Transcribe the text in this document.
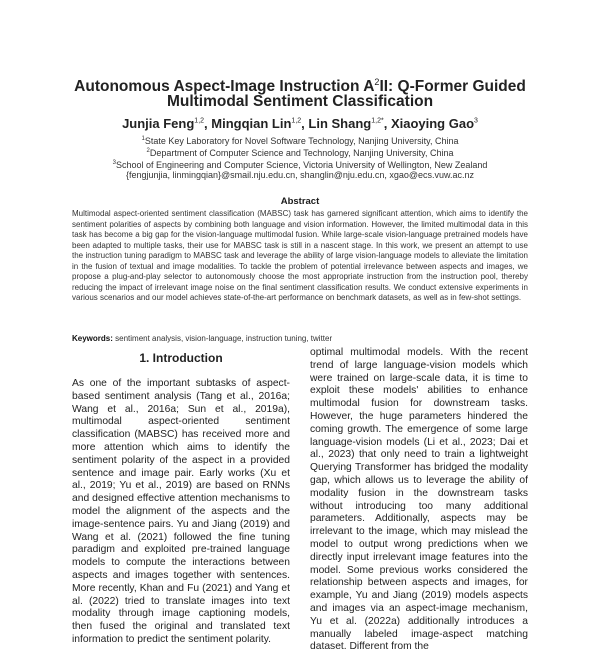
Autonomous Aspect-Image Instruction $A^2II$: Q-Former Guided
Multimodal Sentiment Classification
Junjia Feng$^{1,2}$, Mingqian Lin$^{1,2}$, Lin Shang$^{1,2*}$, Xiaoying Gao$^3$
$^1$State Key Laboratory for Novel Software Technology, Nanjing University, China
$^2$Department of Computer Science and Technology, Nanjing University, China
$^3$School of Engineering and Computer Science, Victoria University of Wellington, New Zealand
{fengjunjia, linmingqian}@smail.nju.edu.cn, shanglin@nju.edu.cn, xgao@ecs.vuw.ac.nz
Abstract
Multimodal aspect-oriented sentiment classification (MABSC) task has garnered significant attention, which aims to identify the sentiment polarities of aspects by combining both language and vision information. However, the limited multimodal data in this task has become a big gap for the vision-language multimodal fusion. While large-scale vision-language pretrained models have been adapted to multiple tasks, their use for MABSC task is still in a nascent stage. In this work, we present an attempt to use the instruction tuning paradigm to MABSC task and leverage the ability of large vision-language models to alleviate the limitation in the fusion of textual and image modalities. To tackle the problem of potential irrelevance between aspects and images, we propose a plug-and-play selector to autonomously choose the most appropriate instruction from the instruction pool, thereby reducing the impact of irrelevant image noise on the final sentiment classification results. We conduct extensive experiments in various scenarios and our model achieves state-of-the-art performance on benchmark datasets, as well as in few-shot settings.
Keywords: sentiment analysis, vision-language, instruction tuning, twitter
1. Introduction
As one of the important subtasks of aspect-based sentiment analysis (Tang et al., 2016a; Wang et al., 2016a; Sun et al., 2019a), multimodal aspect-oriented sentiment classification (MABSC) has received more and more attention which aims to identify the sentiment polarity of the aspect in a provided sentence and image pair. Early works (Xu et al., 2019; Yu et al., 2019) are based on RNNs and designed effective attention mechanisms to model the alignment of the aspects and the image-sentence pairs. Yu and Jiang (2019) and Wang et al. (2021) followed the fine tuning paradigm and exploited pre-trained language models to compute the interactions between aspects and images together with sentences. More recently, Khan and Fu (2021) and Yang et al. (2022) tried to translate images into text modality through image captioning models, then fused the original and translated text information to predict the sentiment polarity.
optimal multimodal models. With the recent trend of large language-vision models which were trained on large-scale data, it is time to exploit these models' abilities to enhance multimodal fusion for downstream tasks. However, the huge parameters hindered the coming growth. The emergence of some large language-vision models (Li et al., 2023; Dai et al., 2023) that only need to train a lightweight Querying Transformer has bridged the modality gap, which allows us to leverage the ability of modality fusion in the downstream tasks without introducing too many additional parameters. Additionally, aspects may be irrelevant to the image, which may mislead the model to output wrong predictions when we directly input irrelevant image features into the model. Some previous works considered the relationship between aspects and images, for example, Yu and Jiang (2019) models aspects and images via an aspect-image mechanism, Yu et al. (2022a) additionally introduces a manually labeled image-aspect matching dataset. Different from the
